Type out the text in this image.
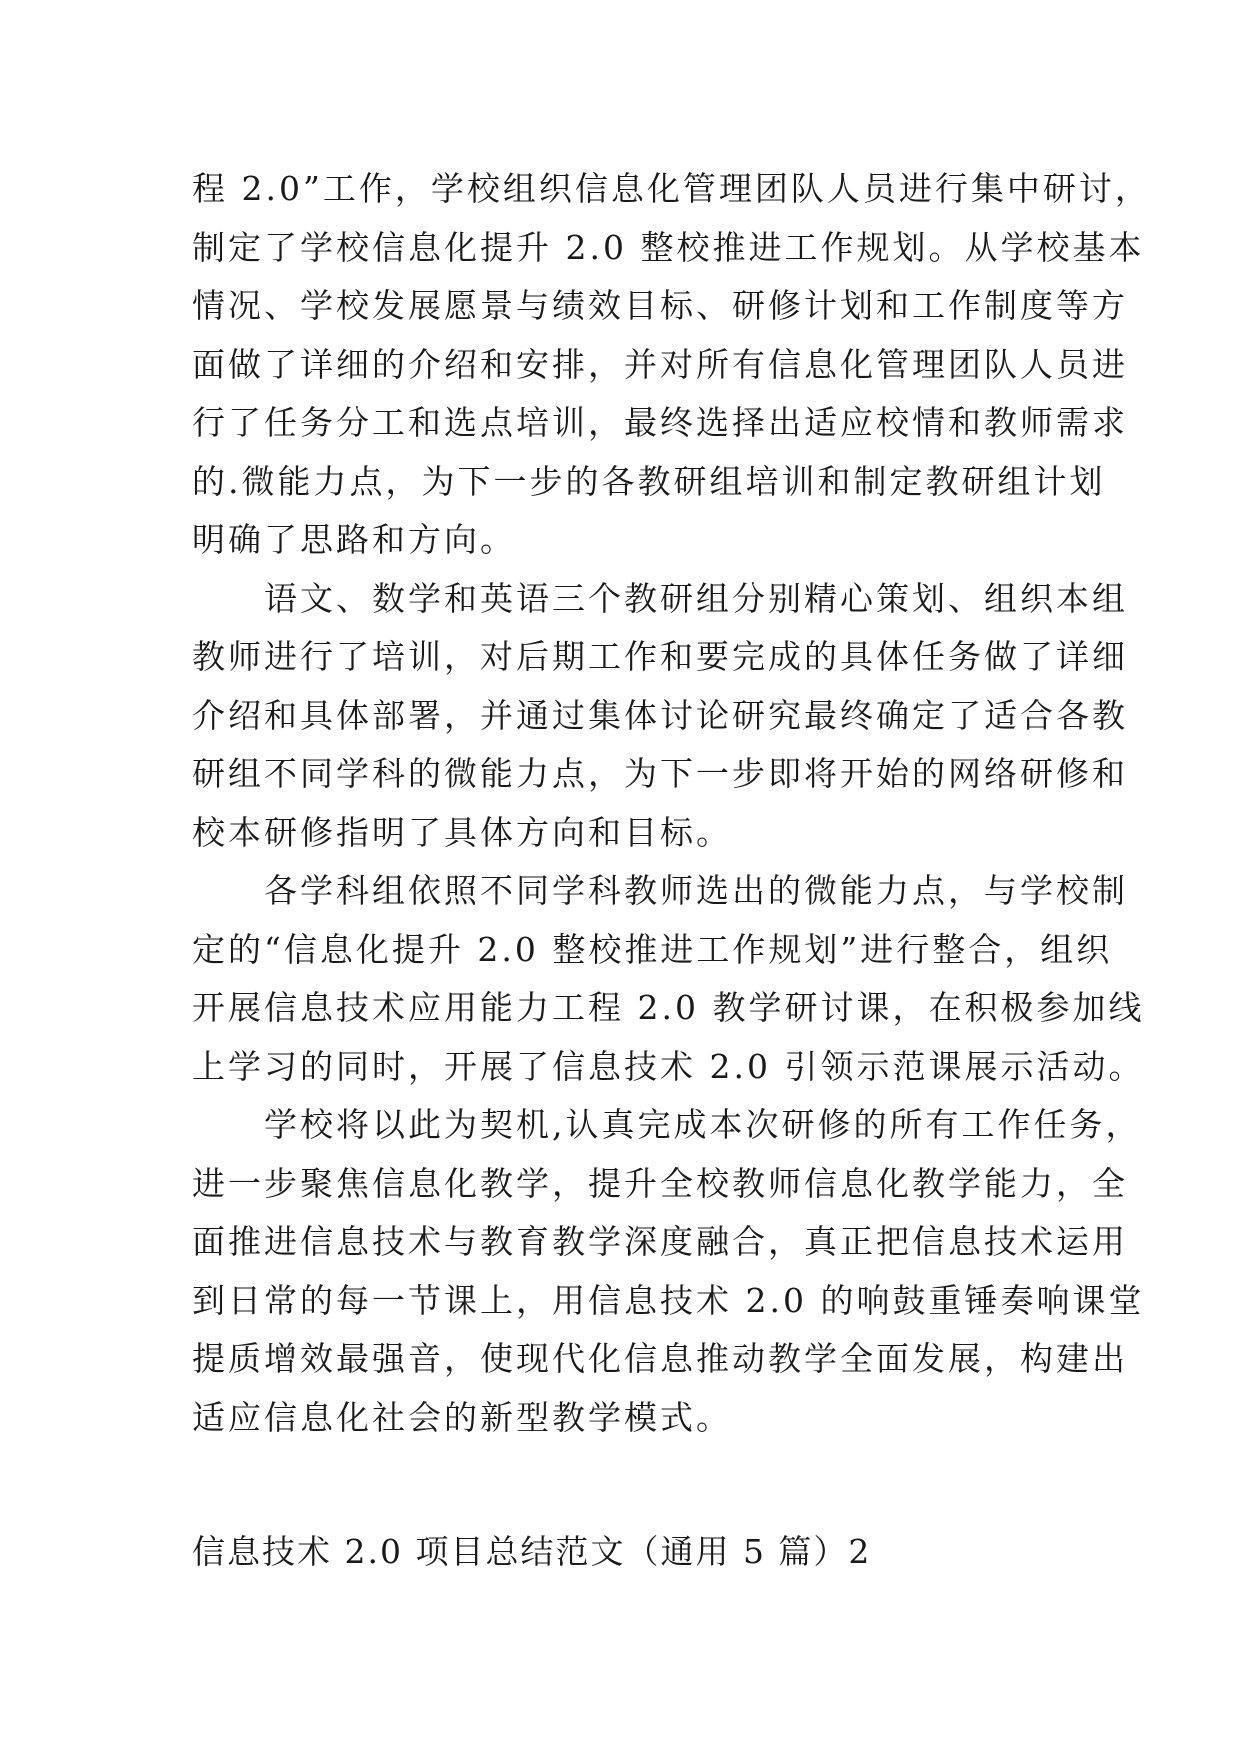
程 2.0”工作，学校组织信息化管理团队人员进行集中研讨，
制定了学校信息化提升 2.0 整校推进工作规划。从学校基本
情况、学校发展愿景与绩效目标、研修计划和工作制度等方
面做了详细的介绍和安排，并对所有信息化管理团队人员进
行了任务分工和选点培训，最终选择出适应校情和教师需求
的.微能力点，为下一步的各教研组培训和制定教研组计划
明确了思路和方向。
　　语文、数学和英语三个教研组分别精心策划、组织本组
教师进行了培训，对后期工作和要完成的具体任务做了详细
介绍和具体部署，并通过集体讨论研究最终确定了适合各教
研组不同学科的微能力点，为下一步即将开始的网络研修和
校本研修指明了具体方向和目标。
　　各学科组依照不同学科教师选出的微能力点，与学校制
定的“信息化提升 2.0 整校推进工作规划”进行整合，组织
开展信息技术应用能力工程 2.0 教学研讨课，在积极参加线
上学习的同时，开展了信息技术 2.0 引领示范课展示活动。
　　学校将以此为契机,认真完成本次研修的所有工作任务，
进一步聚焦信息化教学，提升全校教师信息化教学能力，全
面推进信息技术与教育教学深度融合，真正把信息技术运用
到日常的每一节课上，用信息技术 2.0 的响鼓重锤奏响课堂
提质增效最强音，使现代化信息推动教学全面发展，构建出
适应信息化社会的新型教学模式。
信息技术 2.0 项目总结范文（通用 5 篇）2
